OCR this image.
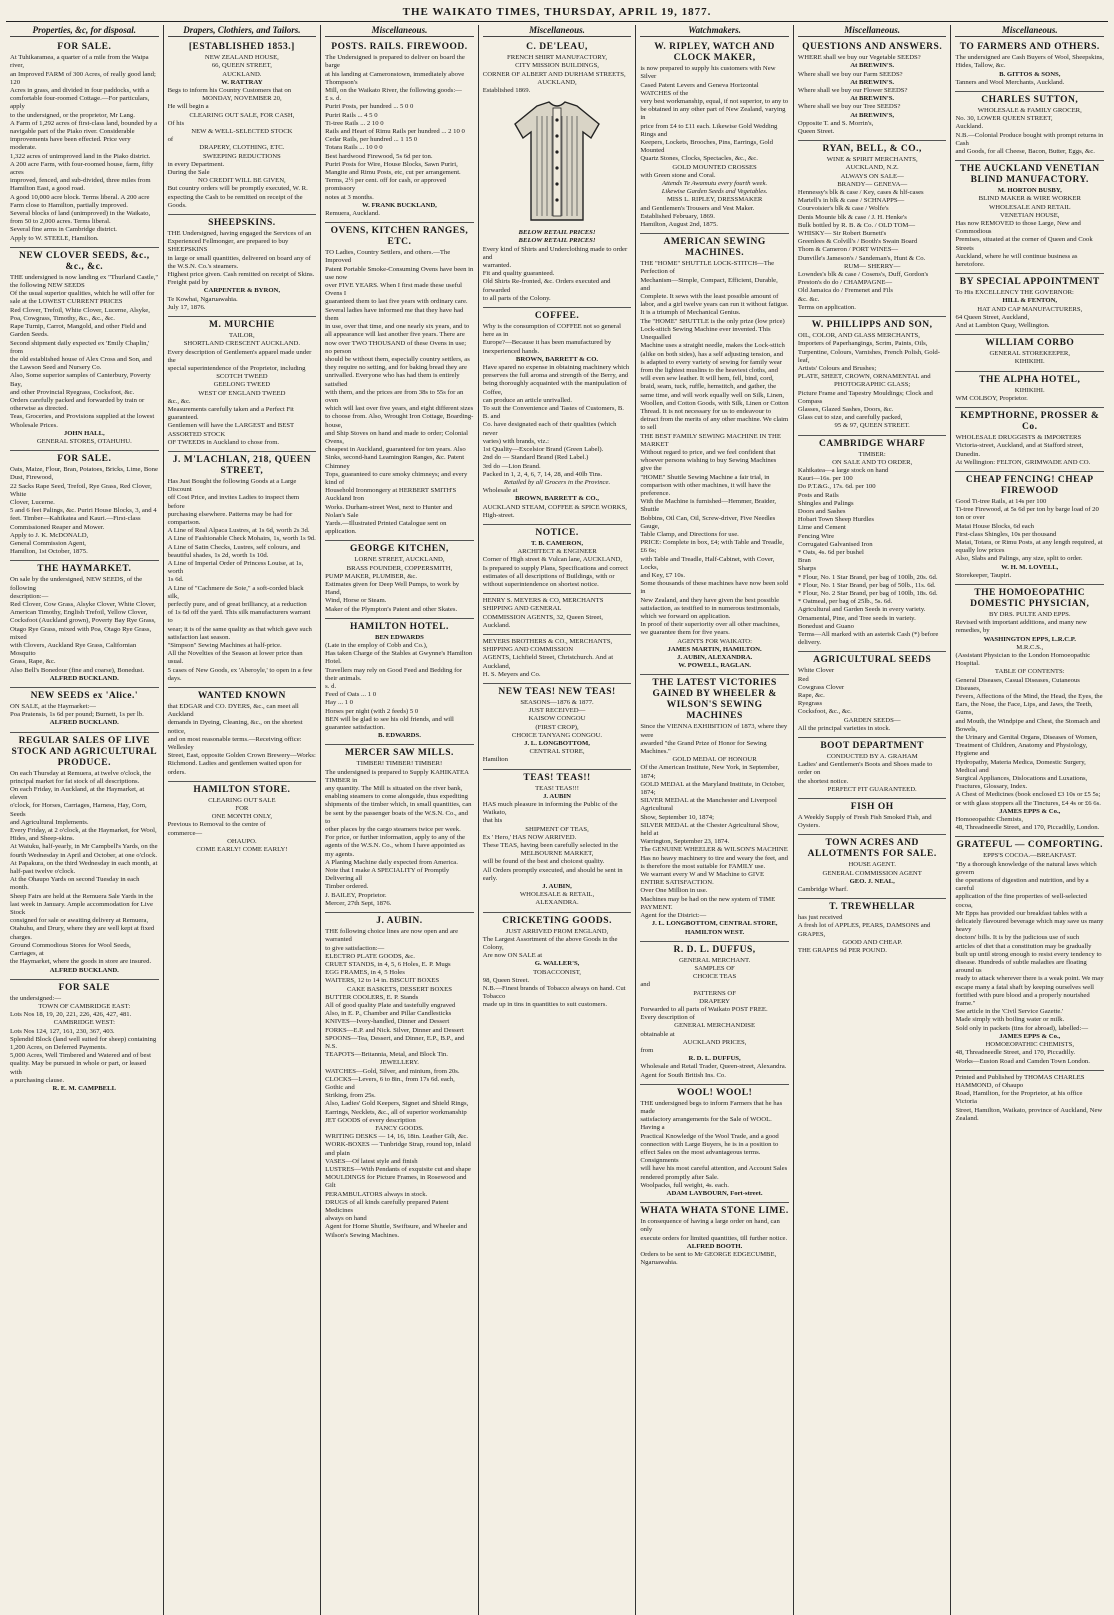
THE WAIKATO TIMES, THURSDAY, APRIL 19, 1877.
Properties, &c, for disposal.
FOR SALE.
At Tuhikaramea, a quarter of a mile from the Waipa river,
an Improved FARM of 300 Acres, of really good land; 120
Acres in grass, and divided in four paddocks, with a
comfortable four-roomed Cottage.—For particulars, apply
to the undersigned, or the proprietor, Mr Lang.
A Farm of 1,292 acres of first-class land, bounded by a
navigable part of the Piako river. Considerable
improvements have been effected. Price very moderate.
1,322 acres of unimproved land in the Piako district.
A 200 acre Farm, with four-roomed house, farm, fifty acres
improved, fenced, and sub-divided, three miles from
Hamilton East, a good road.
A good 10,000 acre block. Terms liberal. A 200 acre
Farm close to Hamilton, partially improved.
Several blocks of land (unimproved) in the Waikato,
from 50 to 2,000 acres. Terms liberal.
Several fine arms in Cambridge district.
Apply to W. STEELE, Hamilton.
NEW CLOVER SEEDS, &c., &c., &c.
THE undersigned is now landing ex "Thurland Castle,"
the following NEW SEEDS
Of the usual superior qualities, which he will offer for
sale at the LOWEST CURRENT PRICES
Red Clover, Trefoil, White Clover, Lucerne, Alsyke,
Poa, Cowgrass, Timothy, &c., &c., &c.
Rape Turnip, Carrot, Mangold, and other Field and
Garden Seeds.
Second shipment daily expected ex 'Emily Chaplin,' from
the old established house of Alex Cross and Son, and
the Lawson Seed and Nursery Co.
Also, Some superior samples of Canterbury, Poverty Bay,
and other Provincial Ryegrass, Cocksfoot, &c.
Orders carefully packed and forwarded by train or
otherwise as directed.
Teas, Groceries, and Provisions supplied at the lowest
Wholesale Prices.
JOHN HALL,
GENERAL STORES, OTAHUHU.
FOR SALE.
Oats, Maize, Flour, Bran, Potatoes, Bricks, Lime, Bone
Dust, Firewood,
22 Sacks Rape Seed, Trefoil, Rye Grass, Red Clover, White
Clover, Lucerne.
5 and 6 feet Palings, &c. Puriri House Blocks, 3, and 4
feet. Timber—Kahikatea and Kauri.—First-class
Commissioned Reaper and Mower.
Apply to J. K. McDONALD,
General Commission Agent,
Hamilton, 1st October, 1875.
THE HAYMARKET.
On sale by the undersigned, NEW SEEDS, of the following
description:—
Red Clover, Cow Grass, Alsyke Clover, White Clover,
American Timothy, English Trefoil, Yellow Clover,
Cocksfoot (Auckland grown), Poverty Bay Rye Grass,
Otago Rye Grass, mixed with Poa, Otago Rye Grass, mixed
with Clovers, Auckland Rye Grass, Californian Mosquito
Grass, Rape, &c.
Also Bell's Bonedour (fine and coarse), Bonedust.
ALFRED BUCKLAND.
NEW SEEDS ex 'Alice.'
ON SALE, at the Haymarket:—
Poa Pratensis, 1s 6d per pound; Burnett, 1s per lb.
ALFRED BUCKLAND.
REGULAR SALES OF LIVE STOCK AND AGRICULTURAL PRODUCE.
On each Thursday at Remuera, at twelve o'clock, the
principal market for fat stock of all descriptions.
On each Friday, in Auckland, at the Haymarket, at eleven
o'clock, for Horses, Carriages, Harness, Hay, Corn, Seeds
and Agricultural Implements.
Every Friday, at 2 o'clock, at the Haymarket, for Wool,
Hides, and Sheep-skins.
At Waiuku, half-yearly, in Mr Campbell's Yards, on the
fourth Wednesday in April and October, at one o'clock.
At Papakura, on the third Wednesday in each month, at
half-past twelve o'clock.
At the Ohaupo Yards on second Tuesday in each month.
Sheep Fairs are held at the Remuera Sale Yards in the
last week in January. Ample accommodation for Live Stock
consigned for sale or awaiting delivery at Remuera,
Otahuhu, and Drury, where they are well kept at fixed
charges.
Ground Commodious Stores for Wool Seeds, Carriages, at
the Haymarket, where the goods in store are insured.
ALFRED BUCKLAND.
FOR SALE
the undersigned:—
TOWN OF CAMBRIDGE EAST:
Lots Nos 18, 19, 20, 221, 226, 426, 427, 481.
CAMBRIDGE WEST:
Lots Nos 124, 127, 161, 230, 367, 403.
Splendid Block (land well suited for sheep) containing
1,200 Acres, on Deferred Payments.
5,000 Acres, Well Timbered and Watered and of best
quality. May be pursued in whole or part, or leased with
a purchasing clause.
R. E. M. CAMPBELL
Drapers, Clothiers, and Tailors.
[ESTABLISHED 1853.]
NEW ZEALAND HOUSE,
66, QUEEN STREET,
AUCKLAND.
W. RATTRAY
Begs to inform his Country Customers that on
MONDAY, NOVEMBER 20,
He will begin a
CLEARING OUT SALE, FOR CASH,
Of his
NEW & WELL-SELECTED STOCK
of
DRAPERY, CLOTHING, ETC.
SWEEPING REDUCTIONS
in every Department.
During the Sale
NO CREDIT WILL BE GIVEN,
But country orders will be promptly executed, W. R.
expecting the Cash to be remitted on receipt of the Goods.
SHEEPSKINS.
THE Undersigned, having engaged the Services of an
Experienced Fellmonger, are prepared to buy SHEEPSKINS
in large or small quantities, delivered on board any of
the W.S.N. Co.'s steamers.
Highest price given. Cash remitted on receipt of Skins.
Freight paid by
CARPENTER & BYRON,
Te Kowhai, Ngaruawahia.
July 17, 1876.
M. MURCHIE
TAILOR,
SHORTLAND CRESCENT AUCKLAND.
Every description of Gentlemen's apparel made under the
special superintendence of the Proprietor, including
SCOTCH TWEED
GEELONG TWEED
WEST OF ENGLAND TWEED
&c., &c.
Measurements carefully taken and a Perfect Fit guaranteed.
Gentlemen will have the LARGEST and BEST ASSORTED STOCK
OF TWEEDS in Auckland to chose from.
J. M'LACHLAN, 218, QUEEN STREET,
Has Just Bought the following Goods at a Large Discount
off Cost Price, and invites Ladies to inspect them before
purchasing elsewhere. Patterns may be had for comparison.
A Line of Real Alpaca Lustres, at 1s 6d, worth 2s 3d.
A Line of Fashionable Check Mohairs, 1s, worth 1s 9d.
A Line of Satin Checks, Lustres, self colours, and
beautiful shades, 1s 2d, worth 1s 10d.
A Line of Imperial Order of Princess Louise, at 1s, worth
1s 6d.
A Line of "Cachmere de Soie," a soft-corded black silk,
perfectly pure, and of great brilliancy, at a reduction
of 1s 6d off the yard. This silk manufacturers warrant to
wear; it is of the same quality as that which gave such
satisfaction last season.
"Simpson" Sewing Machines at half-price.
All the Novelties of the Season at lower price than usual.
5 cases of New Goods, ex 'Aberoyle,' to open in a few days.
WANTED KNOWN
that EDGAR and CO. DYERS, &c., can meet all Auckland
demands in Dyeing, Cleaning, &c., on the shortest notice,
and on most reasonable terms.—Receiving office: Wellesley
Street, East, opposite Golden Crown Brewery—Works:
Richmond. Ladies and gentlemen waited upon for orders.
HAMILTON STORE.
CLEARING OUT SALE
FOR
ONE MONTH ONLY,
Previous to Removal to the centre of
commerce—
OHAUPO.
COME EARLY! COME EARLY!
Miscellaneous.
POSTS. RAILS. FIREWOOD.
The Undersigned is prepared to deliver on board the barge
at his landing at Cameronstown, immediately above Thompson's
Mill, on the Waikato River, the following goods:—
£ s. d.
Puriri Posts, per hundred ... 5 0 0
Puriri Rails ... 4 5 0
Ti-tree Rails ... 2 10 0
Rails and Heart of Rimu Rails per hundred ... 2 10 0
Cedar Rails, per hundred ... 1 15 0
Totara Rails ... 10 0 0
Best hardwood Firewood, 5s 6d per ton.
Puriri Posts for Wire, House Blocks, Sawn Puriri,
Mangite and Rimu Posts, etc, cut per arrangement.
Terms, 2½ per cent. off for cash, or approved promissory
notes at 3 months.
W. FRANK BUCKLAND,
Remuera, Auckland.
OVENS, KITCHEN RANGES, ETC.
TO Ladies, Country Settlers, and others.—The Improved
Patent Portable Smoke-Consuming Ovens have been in use now
over FIVE YEARS. When I first made these useful Ovens I
guaranteed them to last five years with ordinary care.
Several ladies have informed me that they have had them
in use, over that time, and one nearly six years, and to
all appearance will last another five years. There are
now over TWO THOUSAND of these Ovens in use; no person
should be without them, especially country settlers, as
they require no setting, and for baking bread they are
unrivalled. Everyone who has had them is entirely satisfied
with them, and the prices are from 38s to 55s for an oven
which will last over five years, and eight different sizes
to choose from. Also, Wrought Iron Cottage, Boarding-house,
and Ship Stoves on hand and made to order; Colonial Ovens,
cheapest in Auckland, guaranteed for ten years. Also
Sinks, second-hand Leamington Ranges, &c. Patent Chimney
Tops, guaranteed to cure smoky chimneys; and every kind of
Household Ironmongery at HERBERT SMITH'S Auckland Iron
Works. Durham-street West, next to Hunter and Nolan's Sale
Yards.—Illustrated Printed Catalogue sent on application.
GEORGE KITCHEN,
LORNE STREET, AUCKLAND,
BRASS FOUNDER, COPPERSMITH,
PUMP MAKER, PLUMBER, &c.
Estimates given for Deep Well Pumps, to work by Hand,
Wind, Horse or Steam.
Maker of the Plympton's Patent and other Skates.
HAMILTON HOTEL.
BEN EDWARDS
(Late in the employ of Cobb and Co.),
Has taken Charge of the Stables at Gwynne's Hamilton Hotel.
Travellers may rely on Good Feed and Bedding for their animals.
s. d.
Feed of Oats ... 1 0
Hay ... 1 0
Horses per night (with 2 feeds) 5 0
BEN will be glad to see his old friends, and will
guarantee satisfaction.
B. EDWARDS.
MERCER SAW MILLS.
TIMBER! TIMBER! TIMBER!
The undersigned is prepared to Supply KAHIKATEA TIMBER in
any quantity. The Mill is situated on the river bank,
enabling steamers to come alongside, thus expediting
shipments of the timber which, in small quantities, can
be sent by the passenger boats of the W.S.N. Co., and to
other places by the cargo steamers twice per week.
For price, or further information, apply to any of the
agents of the W.S.N. Co., whom I have appointed as my agents.
A Planing Machine daily expected from America.
Note that I make A SPECIALITY of Promptly Delivering all
Timber ordered.
J. BAILEY, Proprietor.
Mercer, 27th Sept, 1876.
J. AUBIN.
THE following choice lines are now open and are warranted
to give satisfaction:—
ELECTRO PLATE GOODS, &c.
CRUET STANDS, in 4, 5, 6 Holes, E. P. Mugs
EGG FRAMES, in 4, 5 Holes
WAITERS, 12 to 14 in. BISCUIT BOXES
CAKE BASKETS, DESSERT BOXES
BUTTER COOLERS, E. P. Stands
All of good quality Plate and tastefully engraved
Also, in E. P., Chamber and Pillar Candlesticks
KNIVES—Ivory-handled, Dinner and Dessert
FORKS—E.P. and Nick. Silver, Dinner and Dessert
SPOONS—Tea, Dessert, and Dinner, E.P., B.P., and N.S.
TEAPOTS—Britannia, Metal, and Block Tin.
JEWELLERY.
WATCHES—Gold, Silver, and minium, from 20s.
CLOCKS—Levers, 6 to 8in., from 17s 6d. each, Gothic and
Striking, from 25s.
Also, Ladies' Gold Keepers, Signet and Shield Rings,
Earrings, Necklets, &c., all of superior workmanship
JET GOODS of every description
FANCY GOODS.
WRITING DESKS — 14, 16, 18in. Leather Gilt, &c.
WORK-BOXES — Tunbridge Strap, round top, inlaid and plain
VASES—Of latest style and finish
LUSTRES—With Pendants of exquisite cut and shape
MOULDINGS for Picture Frames, in Rosewood and Gilt
PERAMBULATORS always in stock.
DRUGS of all kinds carefully prepared Patent Medicines
always on hand
Agent for Home Shuttle, Swiftsure, and Wheeler and
Wilson's Sewing Machines.
Miscellaneous.
C. DE'LEAU,
FRENCH SHIRT MANUFACTORY,
CITY MISSION BUILDINGS,
CORNER OF ALBERT AND DURHAM STREETS,
AUCKLAND,
Established 1869.
BELOW RETAIL PRICES!
BELOW RETAIL PRICES!
Every kind of Shirts and Underclothing made to order and
warranted.
Fit and quality guaranteed.
Old Shirts Re-fronted, &c. Orders executed and forwarded
to all parts of the Colony.
COFFEE.
Why is the consumption of COFFEE not so general here as in
Europe?—Because it has been manufactured by inexperienced hands.
BROWN, BARRETT & CO.
Have spared no expense in obtaining machinery which
preserves the full aroma and strength of the Berry, and
being thoroughly acquainted with the manipulation of Coffee,
can produce an article unrivalled.
To suit the Convenience and Tastes of Customers, B. B. and
Co. have designated each of their qualities (which never
varies) with brands, viz.:
1st Quality—Excelsior Brand (Green Label).
2nd do — Standard Brand (Red Label.)
3rd do —Lion Brand.
Packed in 1, 2, 4, 6, 7, 14, 28, and 40lb Tins.
Retailed by all Grocers in the Province.
Wholesale at
BROWN, BARRETT & CO.,
AUCKLAND STEAM, COFFEE & SPICE WORKS, High-street.
NOTICE.
T. B. CAMERON,
ARCHITECT & ENGINEER
Corner of High street & Vulcan lane, AUCKLAND,
Is prepared to supply Plans, Specifications and correct
estimates of all descriptions of Buildings, with or
without superintendence on shortest notice.
HENRY S. MEYERS & CO, MERCHANTS SHIPPING AND GENERAL
COMMISSION AGENTS, 32, Queen Street, Auckland.
MEYERS BROTHERS & CO., MERCHANTS, SHIPPING AND COMMISSION
AGENTS, Lichfield Street, Christchurch. And at Auckland,
H. S. Meyers and Co.
NEW TEAS! NEW TEAS!
SEASONS—1876 & 1877.
JUST RECEIVED—
KAISOW CONGOU
(FIRST CROP),
CHOICE TANYANG CONGOU.
J. L. LONGBOTTOM,
CENTRAL STORE,
Hamilton
TEAS! TEAS!!
TEAS! TEAS!!!
J. AUBIN
HAS much pleasure in informing the Public of the Waikato,
that his
SHIPMENT OF TEAS,
Ex ' Hero,' HAS NOW ARRIVED.
These TEAS, having been carefully selected in the
MELBOURNE MARKET,
will be found of the best and choicest quality.
All Orders promptly executed, and should be sent in early.
J. AUBIN,
WHOLESALE & RETAIL,
ALEXANDRA.
CRICKETING GOODS.
JUST ARRIVED FROM ENGLAND,
The Largest Assortment of the above Goods in the Colony,
Are now ON SALE at
G. WALLER'S,
TOBACCONIST,
98, Queen Street.
N.B.—Finest brands of Tobacco always on hand. Cut Tobacco
made up in tins in quantities to suit customers.
Watchmakers.
W. RIPLEY, WATCH AND CLOCK MAKER,
is now prepared to supply his customers with New Silver
Cased Patent Levers and Geneva Horizontal WATCHES of the
very best workmanship, equal, if not superior, to any to
be obtained in any other part of New Zealand, varying in
price from £4 to £11 each. Likewise Gold Wedding Rings and
Keepers, Lockets, Brooches, Pins, Earrings, Gold Mounted
Quartz Stones, Clocks, Spectacles, &c., &c.
GOLD MOUNTED CROSSES
with Green stone and Coral.
Attends Te Awamutu every fourth week.
Likewise Garden Seeds and Vegetables.
MISS L. RIPLEY, DRESSMAKER
and Gentlemen's Trousers and Vest Maker.
Established February, 1869.
Hamilton, August 2nd, 1875.
AMERICAN SEWING MACHINES.
THE "HOME" SHUTTLE LOCK-STITCH—The Perfection of
Mechanism—Simple, Compact, Efficient, Durable, and
Complete. It sews with the least possible amount of
labor, and a girl twelve years can run it without fatigue.
It is a triumph of Mechanical Genius.
The "HOME" SHUTTLE is the only prize (low price)
Lock-stitch Sewing Machine ever invented. This Unequalled
Machine uses a straight needle, makes the Lock-stitch
(alike on both sides), has a self adjusting tension, and
is adapted to every variety of sewing for family wear
from the lightest muslins to the heaviest cloths, and
will even sew leather. It will hem, fell, bind, cord,
braid, seam, tuck, ruffle, hemstitch, and gather, the
same time, and will work equally well on Silk, Linen,
Woollen, and Cotton Goods, with Silk, Linen or Cotton
Thread. It is not necessary for us to endeavour to
detract from the merits of any other machine. We claim
to sell
THE BEST FAMILY SEWING MACHINE IN THE MARKET
Without regard to price, and we feel confident that
whoever persons wishing to buy Sewing Machines give the
"HOME" Shuttle Sewing Machine a fair trial, in
comparison with other machines, it will have the preference.
With the Machine is furnished—Hemmer, Braider, Shuttle
Bobbins, Oil Can, Oil, Screw-driver, Five Needles Gauge,
Table Clamp, and Directions for use.
PRICE: Complete in box, £4; with Table and Treadle, £6 6s;
with Table and Treadle, Half-Cabinet, with Cover, Locks,
and Key, £7 10s.
Some thousands of these machines have now been sold in
New Zealand, and they have given the best possible
satisfaction, as testified to in numerous testimonials,
which we forward on application.
In proof of their superiority over all other machines,
we guarantee them for five years.
AGENTS FOR WAIKATO:
JAMES MARTIN, HAMILTON.
J. AUBIN, ALEXANDRA.
W. POWELL, RAGLAN.
THE LATEST VICTORIES GAINED BY WHEELER & WILSON'S SEWING MACHINES
Since the VIENNA EXHIBITION of 1873, where they were
awarded "the Grand Prize of Honor for Sewing Machines."
GOLD MEDAL OF HONOUR
Of the American Institute, New York, in September, 1874;
GOLD MEDAL at the Maryland Institute, in October, 1874;
SILVER MEDAL at the Manchester and Liverpool Agricultural
Show, September 10, 1874;
SILVER MEDAL at the Chester Agricultural Show, held at
Warrington, September 23, 1874.
The GENUINE WHEELER & WILSON'S MACHINE
Has no heavy machinery to tire and weary the feet, and
is therefore the most suitable for FAMILY use.
We warrant every W and W Machine to GIVE ENTIRE SATISFACTION.
Over One Million in use.
Machines may be had on the new system of TIME PAYMENT.
Agent for the District:—
J. L. LONGBOTTOM, CENTRAL STORE, HAMILTON WEST.
R. D. L. DUFFUS,
GENERAL MERCHANT.
SAMPLES OF
CHOICE TEAS
and
PATTERNS OF
DRAPERY
Forwarded to all parts of Waikato POST FREE.
Every description of
GENERAL MERCHANDISE
obtainable at
AUCKLAND PRICES,
from
R. D. L. DUFFUS,
Wholesale and Retail Trader, Queen-street, Alexandra.
Agent for South British Ins. Co.
WOOL! WOOL!
THE undersigned begs to inform Farmers that he has made
satisfactory arrangements for the Sale of WOOL. Having a
Practical Knowledge of the Wool Trade, and a good
connection with Large Buyers, he is in a position to
effect Sales on the most advantageous terms. Consignments
will have his most careful attention, and Account Sales
rendered promptly after Sale.
Woolpacks, full weight, 4s. each.
ADAM LAYBOURN, Fort-street.
WHATA WHATA STONE LIME.
In consequence of having a large order on hand, can only
execute orders for limited quantities, till further notice.
ALFRED BOOTH.
Orders to be sent to Mr GEORGE EDGECUMBE, Ngaruawahia.
Miscellaneous.
QUESTIONS AND ANSWERS.
WHERE shall we buy our Vegetable SEEDS?
At BREWIN'S.
Where shall we buy our Farm SEEDS?
At BREWIN'S.
Where shall we buy our Flower SEEDS?
At BREWIN'S.
Where shall we buy our Tree SEEDS?
At BREWIN'S,
Opposite T. and S. Morrin's,
Queen Street.
RYAN, BELL, & CO.,
WINE & SPIRIT MERCHANTS,
AUCKLAND, N.Z.
ALWAYS ON SALE—
BRANDY— GENEVA—
Hennessy's blk & case / Key, cases & hlf-cases
Martell's in blk & case / SCHNAPPS—
Courvoisier's blk & case / Wolfe's
Denis Mounie blk & case / J. H. Henke's
Bulk bottled by R. B. & Co. / OLD TOM—
WHISKY— Sir Robert Burnett's
Greenlees & Colvill's / Booth's Swain Board
Thom & Cameron / PORT WINES—
Dunville's Jameson's / Sandeman's, Hunt & Co.
RUM— SHERRY—
Lowndes's blk & case / Cosens's, Duff, Gordon's
Preston's do do / CHAMPAGNE—
Old Jamaica do / Fremenet and Fils
&c. &c.
Terms on application.
W. PHILLIPPS AND SON,
OIL, COLOR, AND GLASS MERCHANTS,
Importers of Paperhangings, Scrim, Paints, Oils,
Turpentine, Colours, Varnishes, French Polish, Gold-leaf,
Artists' Colours and Brushes;
PLATE, SHEET, CROWN, ORNAMENTAL and
PHOTOGRAPHIC GLASS;
Picture Frame and Tapestry Mouldings; Clock and Compass
Glasses, Glazed Sashes, Doors, &c.
Glass cut to size, and carefully packed,
95 & 97, QUEEN STREET.
CAMBRIDGE WHARF
TIMBER:
ON SALE AND TO ORDER,
Kahikatea—a large stock on hand
Kauri—16s. per 100
Do P.T.&G., 17s. 6d. per 100
Posts and Rails
Shingles and Palings
Doors and Sashes
Hobart Town Sheep Hurdles
Lime and Cement
Fencing Wire
Corrugated Galvanised Iron
* Oats, 4s. 6d per bushel
Bran
Sharps
* Flour, No. 1 Star Brand, per bag of 100lb, 20s. 6d.
* Flour, No. 1 Star Brand, per bag of 50lb., 11s. 6d.
* Flour, No. 2 Star Brand, per bag of 100lb, 18s. 6d.
* Oatmeal, per bag of 25lb., 5s. 6d.
Agricultural and Garden Seeds in every variety.
Ornamental, Pine, and Tree seeds in variety.
Bonedust and Guano
Terms—All marked with an asterisk Cash (*) before delivery.
AGRICULTURAL SEEDS
White Clover
Red
Cowgrass Clover
Rape, &c.
Ryegrass
Cocksfoot, &c., &c.
GARDEN SEEDS—
All the principal varieties in stock.
BOOT DEPARTMENT
CONDUCTED BY A. GRAHAM
Ladies' and Gentlemen's Boots and Shoes made to order on
the shortest notice.
PERFECT FIT GUARANTEED.
FISH OH
A Weekly Supply of Fresh Fish Smoked Fish, and Oysters.
TOWN ACRES AND ALLOTMENTS FOR SALE.
HOUSE AGENT.
GENERAL COMMISSION AGENT
GEO. J. NEAL,
Cambridge Wharf.
T. TREWHELLAR
has just received
A fresh lot of APPLES, PEARS, DAMSONS and GRAPES,
GOOD AND CHEAP.
THE GRAPES 9d PER POUND.
Miscellaneous.
TO FARMERS AND OTHERS.
The undersigned are Cash Buyers of Wool, Sheepskins,
Hides, Tallow, &c.
B. GITTOS & SONS,
Tanners and Wool Merchants, Auckland.
CHARLES SUTTON,
WHOLESALE & FAMILY GROCER,
No. 30, LOWER QUEEN STREET,
Auckland.
N.B.—Colonial Produce bought with prompt returns in Cash
and Goods, for all Cheese, Bacon, Butter, Eggs, &c.
THE AUCKLAND VENETIAN BLIND MANUFACTORY.
M. HORTON BUSBY,
BLIND MAKER & WIRE WORKER
WHOLESALE AND RETAIL
VENETIAN HOUSE,
Has now REMOVED to those Large, New and Commodious
Premises, situated at the corner of Queen and Cook Streets
Auckland, where he will continue business as heretofore.
BY SPECIAL APPOINTMENT
To His EXCELLENCY THE GOVERNOR:
HILL & FENTON,
HAT AND CAP MANUFACTURERS,
64 Queen Street, Auckland,
And at Lambton Quay, Wellington.
WILLIAM CORBO
GENERAL STOREKEEPER,
KIHIKIHI.
THE ALPHA HOTEL,
KIHIKIHI.
WM COLBOY, Proprietor.
KEMPTHORNE, PROSSER & Co.
WHOLESALE DRUGGISTS & IMPORTERS
Victoria-street, Auckland, and at Stafford street, Dunedin.
At Wellington: FELTON, GRIMWADE AND CO.
CHEAP FENCING! CHEAP FIREWOOD
Good Ti-tree Rails, at 14s per 100
Ti-tree Firewood, at 5s 6d per ton by barge load of 20
ton or over
Matai House Blocks, 6d each
First-class Shingles, 10s per thousand
Matai, Totara, or Rimu Posts, at any length required, at
equally low prices
Also, Slabs and Palings, any size, split to order.
W. H. M. LOVELL,
Storekeeper, Taupiri.
THE HOMOEOPATHIC DOMESTIC PHYSICIAN,
BY DRS. PULTE AND EPPS.
Revised with important additions, and many new remedies, by
WASHINGTON EPPS, L.R.C.P.
M.R.C.S.,
(Assistant Physician to the London Homoeopathic Hospital.
TABLE OF CONTENTS:
General Diseases, Casual Diseases, Cutaneous Diseases,
Fevers, Affections of the Mind, the Head, the Eyes, the
Ears, the Nose, the Face, Lips, and Jaws, the Teeth, Gums,
and Mouth, the Windpipe and Chest, the Stomach and Bowels,
the Urinary and Genital Organs, Diseases of Women,
Treatment of Children, Anatomy and Physiology, Hygiene and
Hydropathy, Materia Medica, Domestic Surgery, Medical and
Surgical Appliances, Dislocations and Luxations,
Fractures, Glossary, Index.
A Chest of Medicines (book enclosed £3 10s or £5 5s;
or with glass stoppers all the Tinctures, £4 4s or £6 6s.
JAMES EPPS & Co.,
Homoeopathic Chemists,
48, Threadneedle Street, and 170, Piccadilly, London.
GRATEFUL — COMFORTING.
EPPS'S COCOA.—BREAKFAST.
"By a thorough knowledge of the natural laws which govern
the operations of digestion and nutrition, and by a careful
application of the fine properties of well-selected cocoa,
Mr Epps has provided our breakfast tables with a
delicately flavoured beverage which may save us many heavy
doctors' bills. It is by the judicious use of such
articles of diet that a constitution may be gradually
built up until strong enough to resist every tendency to
disease. Hundreds of subtle maladies are floating around us
ready to attack wherever there is a weak point. We may
escape many a fatal shaft by keeping ourselves well
fortified with pure blood and a properly nourished frame."
See article in the 'Civil Service Gazette.'
Made simply with boiling water or milk.
Sold only in packets (tins for abroad), labelled:—
JAMES EPPS & Co.,
HOMOEOPATHIC CHEMISTS,
48, Threadneedle Street, and 170, Piccadilly.
Works—Euston Road and Camden Town London.
Printed and Published by THOMAS CHARLES HAMMOND, of Ohaupo
Road, Hamilton, for the Proprietor, at his office Victoria
Street, Hamilton, Waikato, province of Auckland, New Zealand.
